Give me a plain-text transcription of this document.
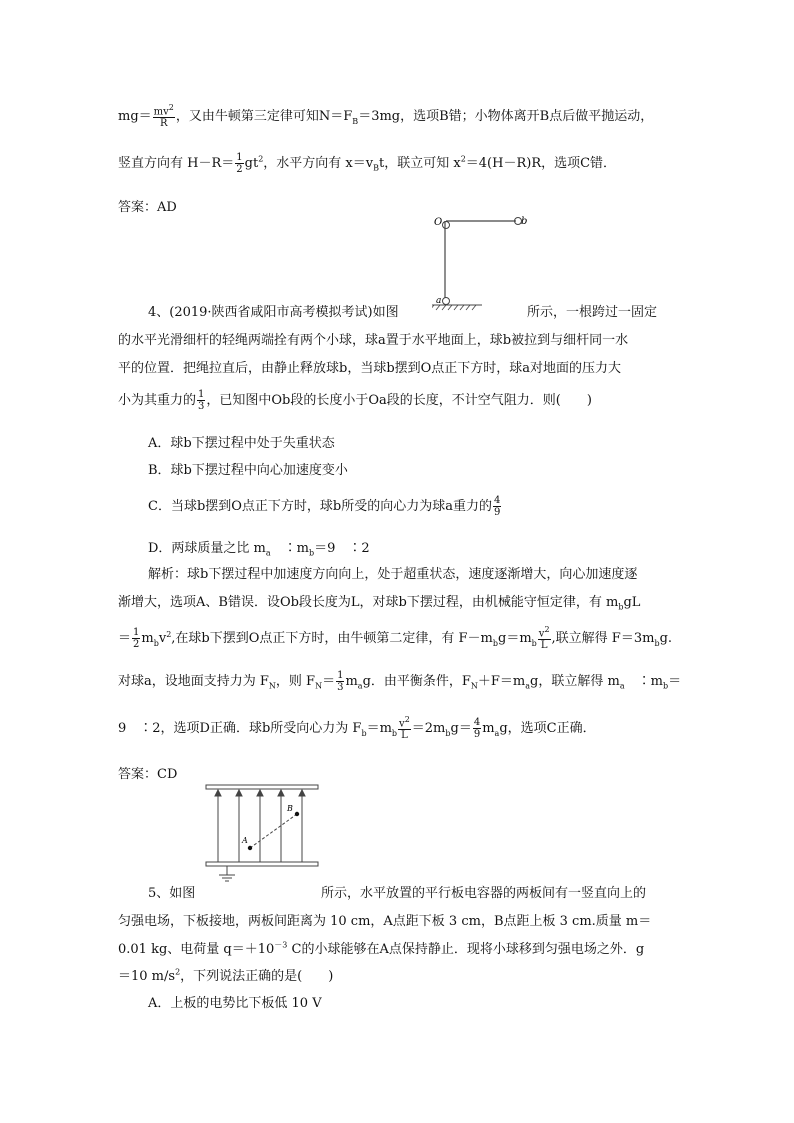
$mg= \frac{mv^2}{R}$ ，又由牛顿第三定律可知$N=F_B=3mg$，选项B错；小物体离开B点后做平抛运动，
竖直方向有 $H-R= \frac{1}{2} gt^2$，水平方向有 $x=v_Bt$，联立可知 $x^2=4(H-R)R$，选项C错．
答案：AD
O	b
a
4、(2019·陕西省咸阳市高考模拟考试)如图	所示，一根跨过一固定
的水平光滑细杆的轻绳两端拴有两个小球，球a置于水平地面上，球b被拉到与细杆同一水
平的位置．把绳拉直后，由静止释放球b，当球b摆到O点正下方时，球a对地面的压力大
小为其重力的 $\frac{1}{3}$ ，已知图中Ob段的长度小于Oa段的长度，不计空气阻力．则(　　)
A．球b下摆过程中处于失重状态
B．球b下摆过程中向心加速度变小
C．当球b摆到O点正下方时，球b所受的向心力为球a重力的 $\frac{4}{9}$
D．两球质量之比 $m_a$　$∶m_b=9$　∶2
解析：球b下摆过程中加速度方向向上，处于超重状态，速度逐渐增大，向心加速度逐
渐增大，选项A、B错误．设Ob段长度为L，对球b下摆过程，由机械能守恒定律，有 $m_bgL$
＝ $\frac{1}{2} m_bv^2$,在球b下摆到O点正下方时，由牛顿第二定律，有 $F-m_bg=m_b \frac{v^2}{L}$ ,联立解得 $F=3m_bg$.
对球a，设地面支持力为 $F_N$，则 $F_N= \frac{1}{3} m_ag$．由平衡条件，$F_N+F=m_ag$，联立解得 $m_a$　$∶m_b=$
9　∶2，选项D正确．球b所受向心力为 $F_b=m_b \frac{v^2}{L} =2m_bg= \frac{4}{9} m_ag$，选项C正确．
答案：CD
A
B
5、如图	所示，水平放置的平行板电容器的两板间有一竖直向上的
匀强电场，下板接地，两板间距离为 10 cm，A点距下板 3 cm，B点距上板 3 cm.质量 m＝
0.01 kg、电荷量 $q=+10^{-3}$ C的小球能够在A点保持静止．现将小球移到匀强电场之外．g
＝10 $m/s^2$，下列说法正确的是(　　)
A．上板的电势比下板低 10 V
